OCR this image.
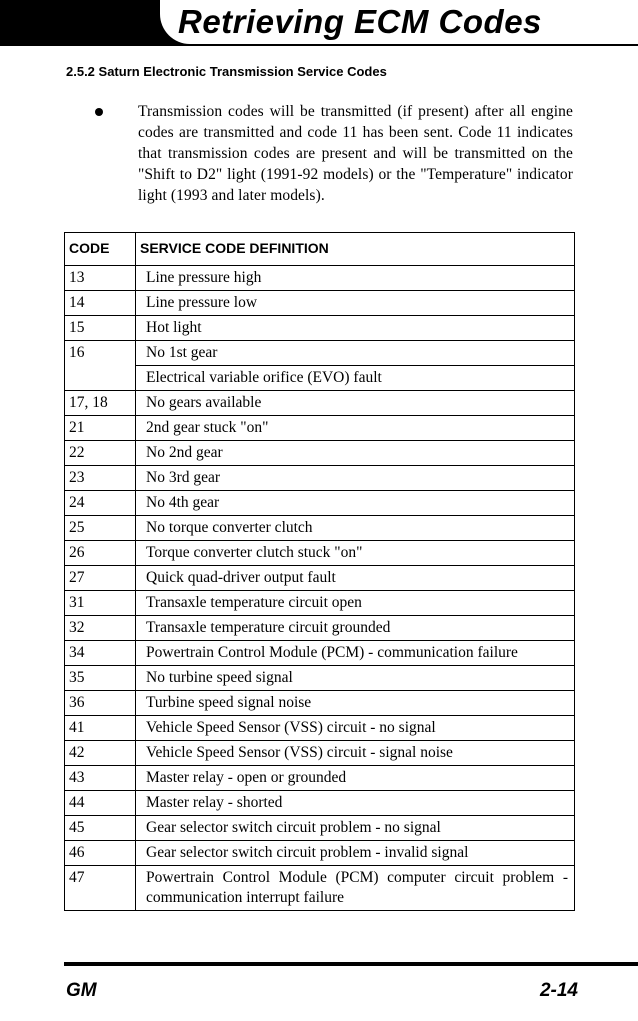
Retrieving ECM Codes
2.5.2 Saturn Electronic Transmission Service Codes
Transmission codes will be transmitted (if present) after all engine codes are transmitted and code 11 has been sent. Code 11 indicates that transmission codes are present and will be transmitted on the "Shift to D2" light (1991-92 models) or the "Temperature" indicator light (1993 and later models).
CODE	SERVICE CODE DEFINITION
13	Line pressure high
14	Line pressure low
15	Hot light
16	No 1st gear
	Electrical variable orifice (EVO) fault
17, 18	No gears available
21	2nd gear stuck "on"
22	No 2nd gear
23	No 3rd gear
24	No 4th gear
25	No torque converter clutch
26	Torque converter clutch stuck "on"
27	Quick quad-driver output fault
31	Transaxle temperature circuit open
32	Transaxle temperature circuit grounded
34	Powertrain Control Module (PCM) - communication failure
35	No turbine speed signal
36	Turbine speed signal noise
41	Vehicle Speed Sensor (VSS) circuit - no signal
42	Vehicle Speed Sensor (VSS) circuit - signal noise
43	Master relay - open or grounded
44	Master relay - shorted
45	Gear selector switch circuit problem - no signal
46	Gear selector switch circuit problem - invalid signal
47	Powertrain Control Module (PCM) computer circuit problem - communication interrupt failure
GM	2-14
